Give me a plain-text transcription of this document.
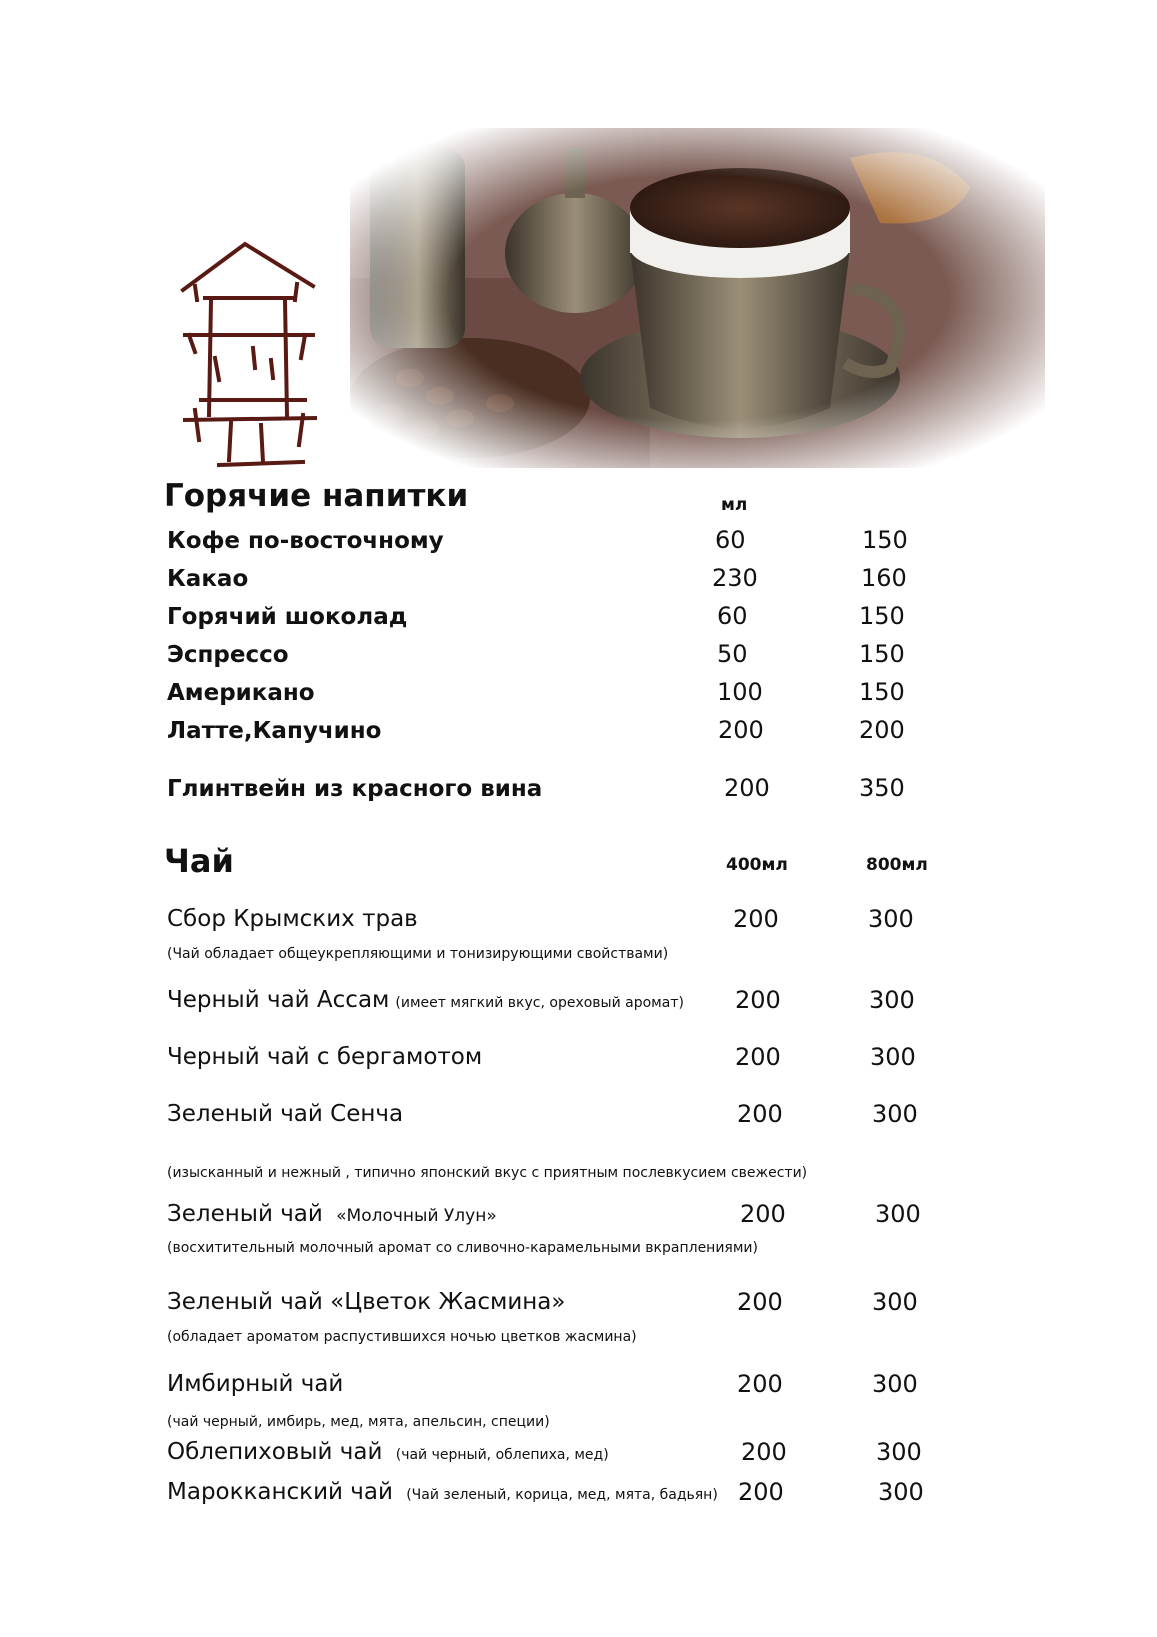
Горячие напитки	мл
Кофе по-восточному	60	150
Какао	230	160
Горячий шоколад	60	150
Эспрессо	50	150
Американо	100	150
Латте,Капучино	200	200
Глинтвейн из красного вина	200	350
Чай	400мл	800мл
Сбор Крымских трав	200	300
(Чай обладает общеукрепляющими и тонизирующими свойствами)
Черный чай Ассам (имеет мягкий вкус, ореховый аромат) 200	300
Черный чай с бергамотом	200	300
Зеленый чай Сенча	200	300
(изысканный и нежный , типично японский вкус с приятным послевкусием свежести)
Зеленый чай «Молочный Улун»	200	300
(восхитительный молочный аромат со сливочно-карамельными вкраплениями)
Зеленый чай «Цветок Жасмина»	200	300
(обладает ароматом распустившихся ночью цветков жасмина)
Имбирный чай	200	300
(чай черный, имбирь, мед, мята, апельсин, специи)
Облепиховый чай (чай черный, облепиха, мед)	200	300
Марокканский чай (Чай зеленый, корица, мед, мята, бадьян) 200	300
